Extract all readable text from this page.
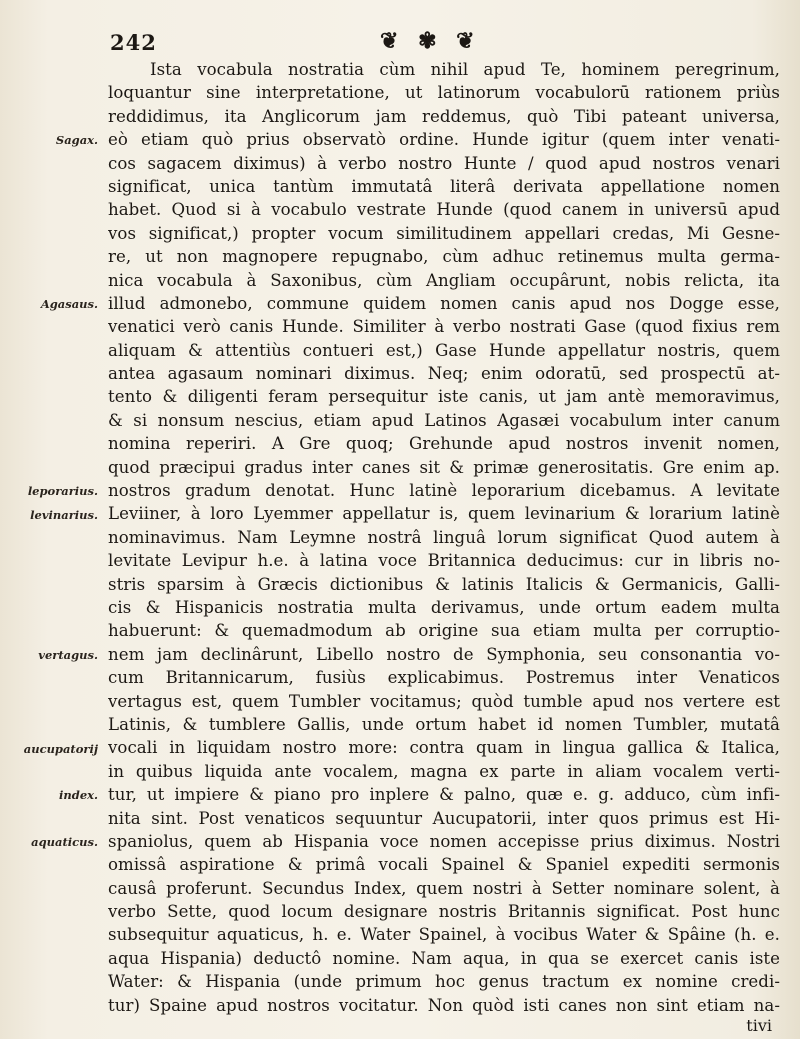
242	❦ ✾ ❦
Sagax.
Agasaus.
leporarius.
levinarius.
vertagus.
aucupatorij
index.
aquaticus.
Ista vocabula nostratia cùm nihil apud Te, hominem peregrinum,
loquantur sine interpretatione, ut latinorum vocabulorū rationem priùs
reddidimus, ita Anglicorum jam reddemus, quò Tibi pateant universa,
eò etiam quò prius observatò ordine. Hunde igitur (quem inter venati-
cos sagacem diximus) à verbo nostro Hunte / quod apud nostros venari
significat, unica tantùm immutatâ literâ derivata appellatione nomen
habet. Quod si à vocabulo vestrate Hunde (quod canem in universū apud
vos significat,) propter vocum similitudinem appellari credas, Mi Gesne-
re, ut non magnopere repugnabo, cùm adhuc retinemus multa germa-
nica vocabula à Saxonibus, cùm Angliam occupârunt, nobis relicta, ita
illud admonebo, commune quidem nomen canis apud nos Dogge esse,
venatici verò canis Hunde. Similiter à verbo nostrati Gase (quod fixius rem
aliquam & attentiùs contueri est,) Gase Hunde appellatur nostris, quem
antea agasaum nominari diximus. Neq; enim odoratū, sed prospectū at-
tento & diligenti feram persequitur iste canis, ut jam antè memoravimus,
& si nonsum nescius, etiam apud Latinos Agasæi vocabulum inter canum
nomina reperiri. A Gre quoq; Grehunde apud nostros invenit nomen,
quod præcipui gradus inter canes sit & primæ generositatis. Gre enim ap.
nostros gradum denotat. Hunc latinè leporarium dicebamus. A levitate
Leviiner, à loro Lyemmer appellatur is, quem levinarium & lorarium latinè
nominavimus. Nam Leymne nostrâ linguâ lorum significat Quod autem à
levitate Levipur h.e. à latina voce Britannica deducimus: cur in libris no-
stris sparsim à Græcis dictionibus & latinis Italicis & Germanicis, Galli-
cis & Hispanicis nostratia multa derivamus, unde ortum eadem multa
habuerunt: & quemadmodum ab origine sua etiam multa per corruptio-
nem jam declinârunt, Libello nostro de Symphonia, seu consonantia vo-
cum Britannicarum, fusiùs explicabimus. Postremus inter Venaticos
vertagus est, quem Tumbler vocitamus; quòd tumble apud nos vertere est
Latinis, & tumblere Gallis, unde ortum habet id nomen Tumbler, mutatâ
vocali in liquidam nostro more: contra quam in lingua gallica & Italica,
in quibus liquida ante vocalem, magna ex parte in aliam vocalem verti-
tur, ut impiere & piano pro inplere & palno, quæ e. g. adduco, cùm infi-
nita sint. Post venaticos sequuntur Aucupatorii, inter quos primus est Hi-
spaniolus, quem ab Hispania voce nomen accepisse prius diximus. Nostri
omissâ aspiratione & primâ vocali Spainel & Spaniel expediti sermonis
causâ proferunt. Secundus Index, quem nostri à Setter nominare solent, à
verbo Sette, quod locum designare nostris Britannis significat. Post hunc
subsequitur aquaticus, h. e. Water Spainel, à vocibus Water & Spâine (h. e.
aqua Hispania) deductô nomine. Nam aqua, in qua se exercet canis iste
Water: & Hispania (unde primum hoc genus tractum ex nomine credi-
tur) Spaine apud nostros vocitatur. Non quòd isti canes non sint etiam na-
tivi
